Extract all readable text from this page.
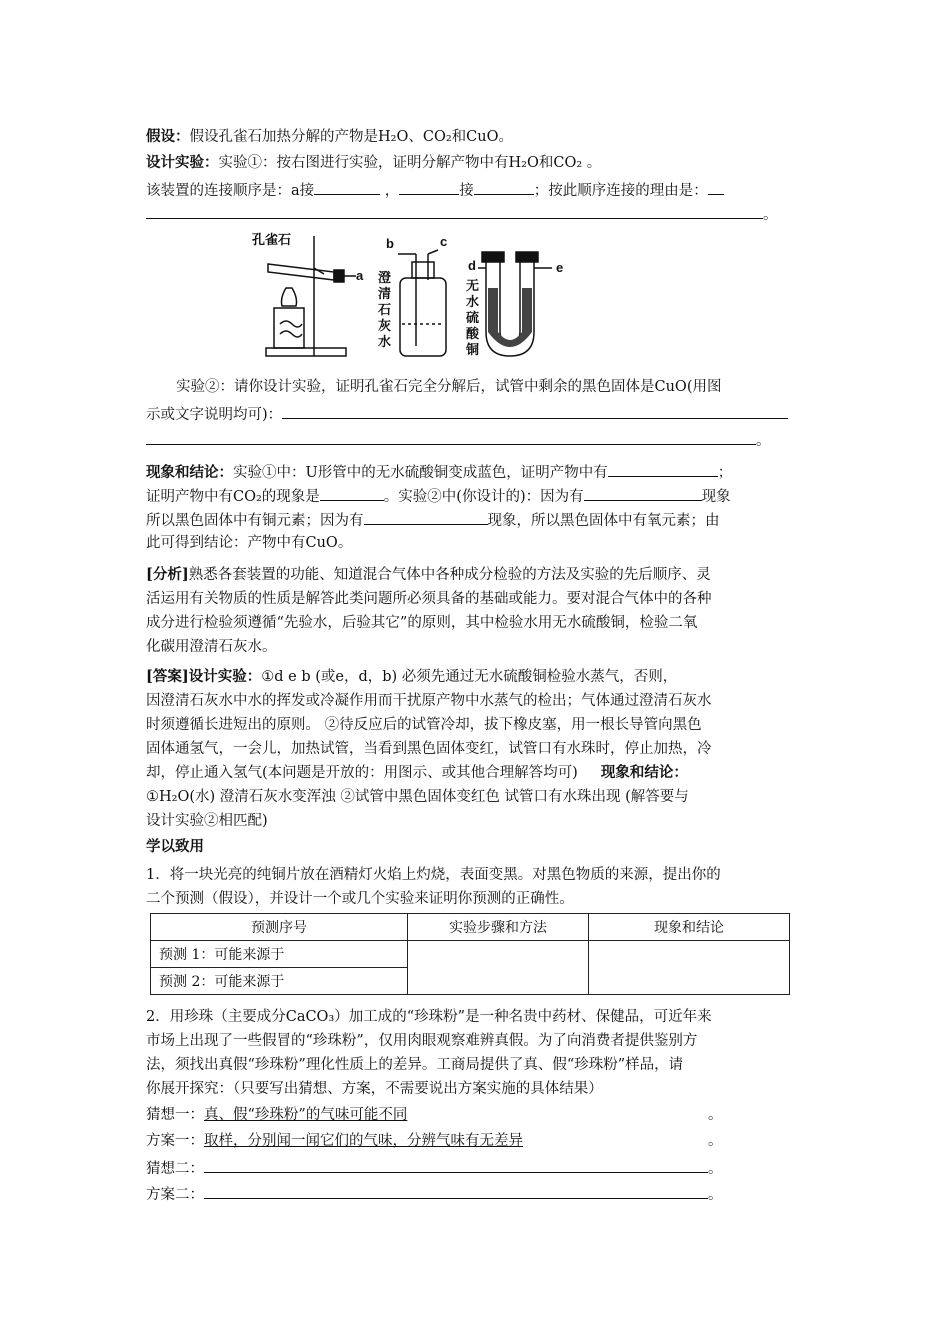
假设：假设孔雀石加热分解的产物是H₂O、CO₂和CuO。
设计实验：实验①：按右图进行实验，证明分解产物中有H₂O和CO₂ 。
该装置的连接顺序是：a接	，	接	；按此顺序连接的理由是：
。
孔雀石
a
b	c
d	e
澄
清
石
灰
水
无
水
硫
酸
铜
实验②：请你设计实验，证明孔雀石完全分解后，试管中剩余的黑色固体是CuO(用图
示或文字说明均可)：
。
现象和结论：实验①中：U形管中的无水硫酸铜变成蓝色，证明产物中有	；
证明产物中有CO₂的现象是	。实验②中(你设计的)：因为有	现象
所以黑色固体中有铜元素；因为有	现象，所以黑色固体中有氧元素；由
此可得到结论：产物中有CuO。
[分析]熟悉各套装置的功能、知道混合气体中各种成分检验的方法及实验的先后顺序、灵
活运用有关物质的性质是解答此类问题所必须具备的基础或能力。要对混合气体中的各种
成分进行检验须遵循“先验水，后验其它”的原则，其中检验水用无水硫酸铜，检验二氧
化碳用澄清石灰水。
[答案]设计实验：①d e b (或e，d，b) 必须先通过无水硫酸铜检验水蒸气，否则，
因澄清石灰水中水的挥发或冷凝作用而干扰原产物中水蒸气的检出；气体通过澄清石灰水
时须遵循长进短出的原则。 ②待反应后的试管冷却，拔下橡皮塞，用一根长导管向黑色
固体通氢气，一会儿，加热试管，当看到黑色固体变红，试管口有水珠时，停止加热，冷
却，停止通入氢气(本问题是开放的：用图示、或其他合理解答均可) 现象和结论：
①H₂O(水) 澄清石灰水变浑浊 ②试管中黑色固体变红色 试管口有水珠出现 (解答要与
设计实验②相匹配)
学以致用
1．将一块光亮的纯铜片放在酒精灯火焰上灼烧，表面变黑。对黑色物质的来源，提出你的
二个预测（假设），并设计一个或几个实验来证明你预测的正确性。
预测序号	实验步骤和方法	现象和结论
预测 1：可能来源于		
预测 2：可能来源于		
2．用珍珠（主要成分CaCO₃）加工成的“珍珠粉”是一种名贵中药材、保健品，可近年来
市场上出现了一些假冒的“珍珠粉”，仅用肉眼观察难辨真假。为了向消费者提供鉴别方
法，须找出真假“珍珠粉”理化性质上的差异。工商局提供了真、假“珍珠粉”样品，请
你展开探究：（只要写出猜想、方案，不需要说出方案实施的具体结果）
猜想一：真、假“珍珠粉”的气味可能不同	。
方案一：取样，分别闻一闻它们的气味，分辨气味有无差异	。
猜想二：	。
方案二：	。
